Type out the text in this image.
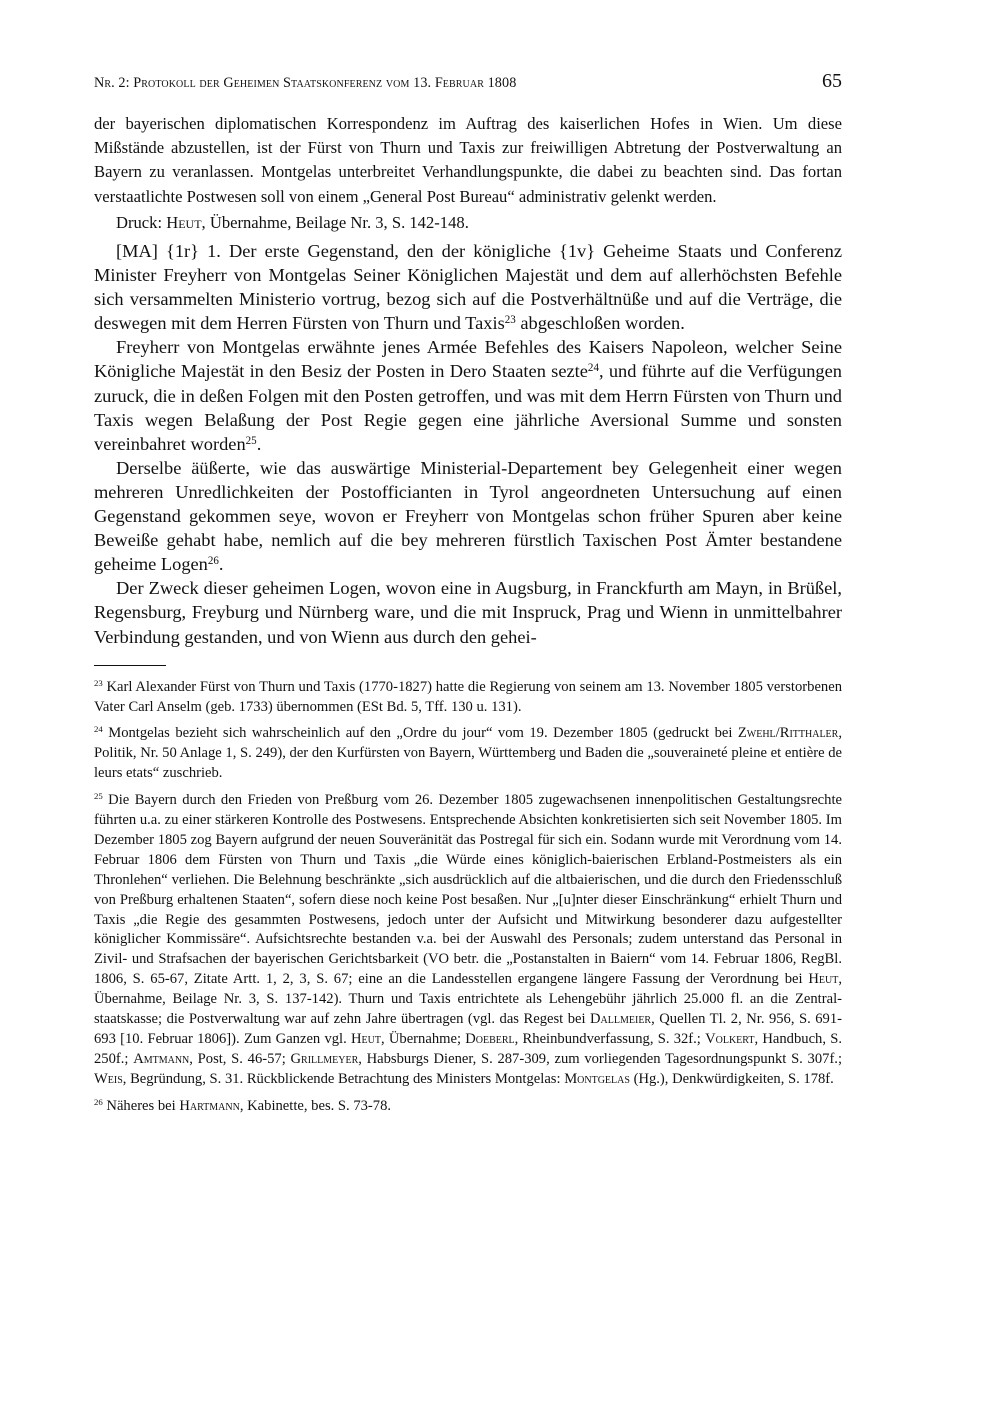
Nr. 2: Protokoll der Geheimen Staatskonferenz vom 13. Februar 1808	65

der bayerischen diplomatischen Korrespondenz im Auftrag des kaiserlichen Hofes in Wien. Um diese Mißstände abzustellen, ist der Fürst von Thurn und Taxis zur freiwilligen Abtretung der Postverwaltung an Bayern zu veranlassen. Montgelas unterbreitet Verhandlungspunkte, die dabei zu beachten sind. Das fortan verstaatlichte Postwesen soll von einem „General Post Bureau“ administrativ gelenkt werden.

Druck: Heut, Übernahme, Beilage Nr. 3, S. 142-148.

[MA] {1r} 1. Der erste Gegenstand, den der königliche {1v} Geheime Staats und Conferenz Minister Freyherr von Montgelas Seiner Königlichen Majestät und dem auf allerhöchsten Befehle sich versammelten Ministerio vortrug, bezog sich auf die Postverhältnüße und auf die Verträge, die deswegen mit dem Herren Fürsten von Thurn und Taxis$^{23}$ abgeschloßen worden.

Freyherr von Montgelas erwähnte jenes Armée Befehles des Kaisers Napoleon, welcher Seine Königliche Majestät in den Besiz der Posten in Dero Staaten sezte$^{24}$, und führte auf die Verfügungen zuruck, die in deßen Folgen mit den Posten getroffen, und was mit dem Herrn Fürsten von Thurn und Taxis wegen Belaßung der Post Regie gegen eine jährliche Aversional Summe und sonsten vereinbahret worden$^{25}$.

Derselbe äüßerte, wie das auswärtige Ministerial-Departement bey Gelegenheit einer wegen mehreren Unredlichkeiten der Postofficianten in Tyrol angeordneten Untersuchung auf einen Gegenstand gekommen seye, wovon er Freyherr von Montgelas schon früher Spuren aber keine Beweiße gehabt habe, nemlich auf die bey mehreren fürstlich Taxischen Post Ämter bestandene geheime Logen$^{26}$.

Der Zweck dieser geheimen Logen, wovon eine in Augsburg, in Franckfurth am Mayn, in Brüßel, Regensburg, Freyburg und Nürnberg ware, und die mit Inspruck, Prag und Wienn in unmittelbahrer Verbindung gestanden, und von Wienn aus durch den gehei-

$^{23}$ Karl Alexander Fürst von Thurn und Taxis (1770-1827) hatte die Regierung von seinem am 13. November 1805 verstorbenen Vater Carl Anselm (geb. 1733) übernommen (ESt Bd. 5, Tff. 130 u. 131).

$^{24}$ Montgelas bezieht sich wahrscheinlich auf den „Ordre du jour“ vom 19. Dezember 1805 (gedruckt bei Zwehl/Ritthaler, Politik, Nr. 50 Anlage 1, S. 249), der den Kurfürsten von Bayern, Württemberg und Baden die „souveraineté pleine et entière de leurs etats“ zuschrieb.

$^{25}$ Die Bayern durch den Frieden von Preßburg vom 26. Dezember 1805 zugewachsenen innenpolitischen Gestaltungsrechte führten u.a. zu einer stärkeren Kontrolle des Postwesens. Entsprechende Absichten konkretisierten sich seit November 1805. Im Dezember 1805 zog Bayern aufgrund der neuen Souveränität das Postregal für sich ein. Sodann wurde mit Verordnung vom 14. Februar 1806 dem Fürsten von Thurn und Taxis „die Würde eines königlich-baierischen Erbland-Postmeisters als ein Thronlehen“ verliehen. Die Belehnung beschränkte „sich ausdrücklich auf die altbaierischen, und die durch den Friedensschluß von Preßburg erhaltenen Staaten“, sofern diese noch keine Post besaßen. Nur „[u]nter dieser Einschränkung“ erhielt Thurn und Taxis „die Regie des gesammten Postwesens, jedoch unter der Aufsicht und Mitwirkung besonderer dazu aufgestellter königlicher Kommissäre“. Aufsichtsrechte bestanden v.a. bei der Auswahl des Personals; zudem unterstand das Personal in Zivil- und Strafsachen der bayerischen Gerichtsbarkeit (VO betr. die „Postanstalten in Baiern“ vom 14. Februar 1806, RegBl. 1806, S. 65-67, Zitate Artt. 1, 2, 3, S. 67; eine an die Landesstellen ergangene längere Fassung der Verordnung bei Heut, Übernahme, Beilage Nr. 3, S. 137-142). Thurn und Taxis entrichtete als Lehengebühr jährlich 25.000 fl. an die Zentralstaatskasse; die Postverwaltung war auf zehn Jahre übertragen (vgl. das Regest bei Dallmeier, Quellen Tl. 2, Nr. 956, S. 691-693 [10. Februar 1806]). Zum Ganzen vgl. Heut, Übernahme; Doeberl, Rheinbundverfassung, S. 32f.; Volkert, Handbuch, S. 250f.; Amtmann, Post, S. 46-57; Grillmeyer, Habsburgs Diener, S. 287-309, zum vorliegenden Tagesordnungspunkt S. 307f.; Weis, Begründung, S. 31. Rückblickende Betrachtung des Ministers Montgelas: Montgelas (Hg.), Denkwürdigkeiten, S. 178f.

$^{26}$ Näheres bei Hartmann, Kabinette, bes. S. 73-78.
